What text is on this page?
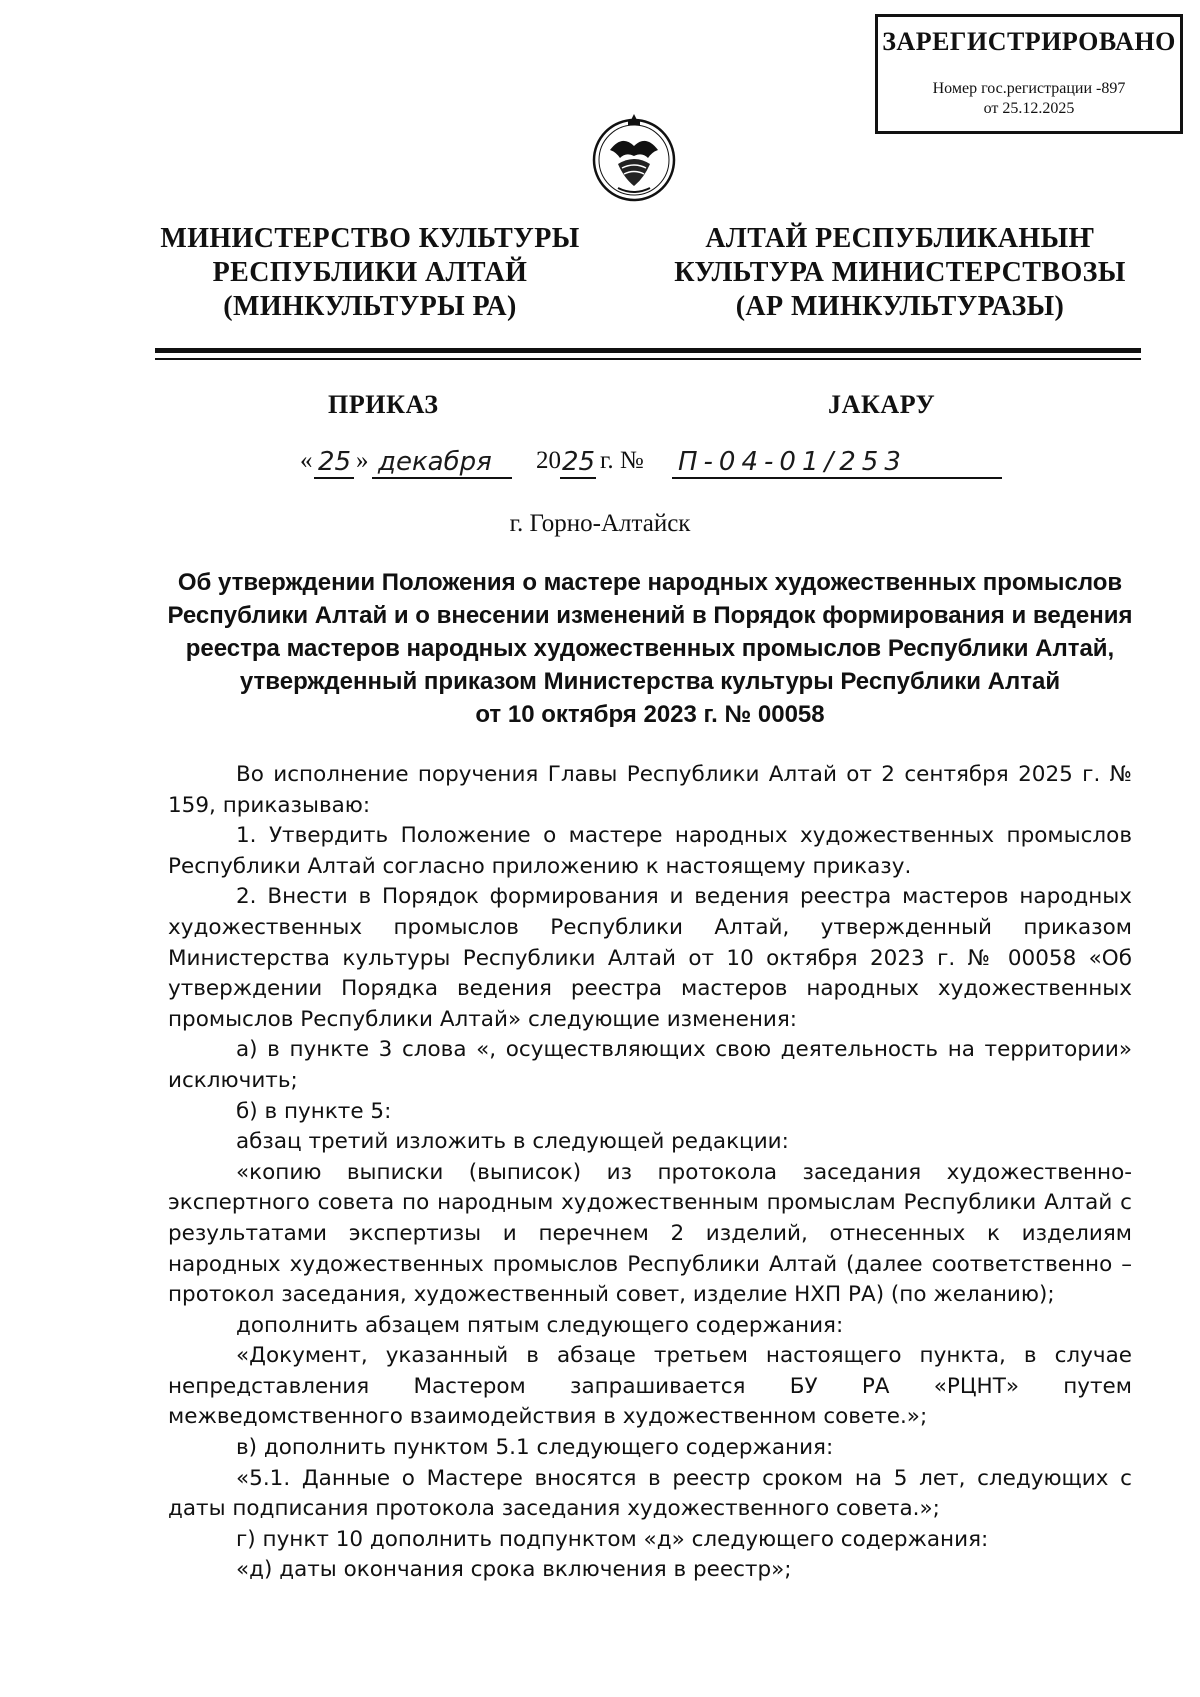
ЗАРЕГИСТРИРОВАНО
Номер гос.регистрации -897
от 25.12.2025
МИНИСТЕРСТВО КУЛЬТУРЫ
РЕСПУБЛИКИ АЛТАЙ
(МИНКУЛЬТУРЫ РА)
АЛТАЙ РЕСПУБЛИКАНЫҤ
КУЛЬТУРА МИНИСТЕРСТВОЗЫ
(АР МИНКУЛЬТУРАЗЫ)
ПРИКАЗ	ЈАКАРУ
« 25 » декабря 20 25 г. № П-04-01/253
г. Горно-Алтайск
Об утверждении Положения о мастере народных художественных промыслов
Республики Алтай и о внесении изменений в Порядок формирования и ведения
реестра мастеров народных художественных промыслов Республики Алтай,
утвержденный приказом Министерства культуры Республики Алтай
от 10 октября 2023 г. № 00058

Во исполнение поручения Главы Республики Алтай от 2 сентября 2025 г. № 159, приказываю:

1. Утвердить Положение о мастере народных художественных промыслов Республики Алтай согласно приложению к настоящему приказу.

2. Внести в Порядок формирования и ведения реестра мастеров народных художественных промыслов Республики Алтай, утвержденный приказом Министерства культуры Республики Алтай от 10 октября 2023 г. № 00058 «Об утверждении Порядка ведения реестра мастеров народных художественных промыслов Республики Алтай» следующие изменения:

а) в пункте 3 слова «, осуществляющих свою деятельность на территории» исключить;

б) в пункте 5:

абзац третий изложить в следующей редакции:

«копию выписки (выписок) из протокола заседания художественно-экспертного совета по народным художественным промыслам Республики Алтай с результатами экспертизы и перечнем 2 изделий, отнесенных к изделиям народных художественных промыслов Республики Алтай (далее соответственно – протокол заседания, художественный совет, изделие НХП РА) (по желанию);

дополнить абзацем пятым следующего содержания:

«Документ, указанный в абзаце третьем настоящего пункта, в случае непредставления Мастером запрашивается БУ РА «РЦНТ» путем межведомственного взаимодействия в художественном совете.»;

в) дополнить пунктом 5.1 следующего содержания:

«5.1. Данные о Мастере вносятся в реестр сроком на 5 лет, следующих с даты подписания протокола заседания художественного совета.»;

г) пункт 10 дополнить подпунктом «д» следующего содержания:

«д) даты окончания срока включения в реестр»;
